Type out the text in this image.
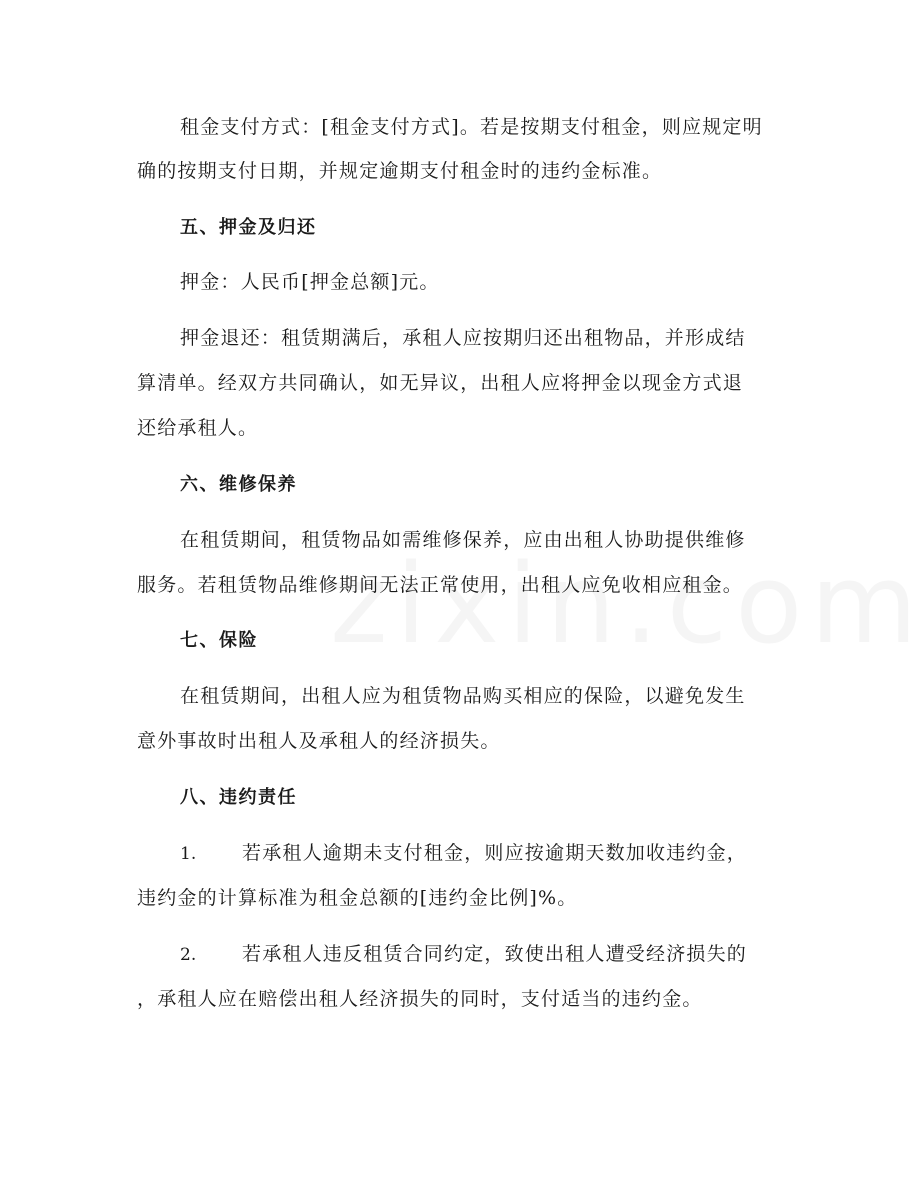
租金支付方式：[租金支付方式]。若是按期支付租金，则应规定明
确的按期支付日期，并规定逾期支付租金时的违约金标准。
五、押金及归还
押金：人民币[押金总额]元。
押金退还：租赁期满后，承租人应按期归还出租物品，并形成结
算清单。经双方共同确认，如无异议，出租人应将押金以现金方式退
还给承租人。
六、维修保养
在租赁期间，租赁物品如需维修保养，应由出租人协助提供维修
服务。若租赁物品维修期间无法正常使用，出租人应免收相应租金。
七、保险
在租赁期间，出租人应为租赁物品购买相应的保险，以避免发生
意外事故时出租人及承租人的经济损失。
八、违约责任
1. 若承租人逾期未支付租金，则应按逾期天数加收违约金，
违约金的计算标准为租金总额的[违约金比例]%。
2. 若承租人违反租赁合同约定，致使出租人遭受经济损失的
，承租人应在赔偿出租人经济损失的同时，支付适当的违约金。
